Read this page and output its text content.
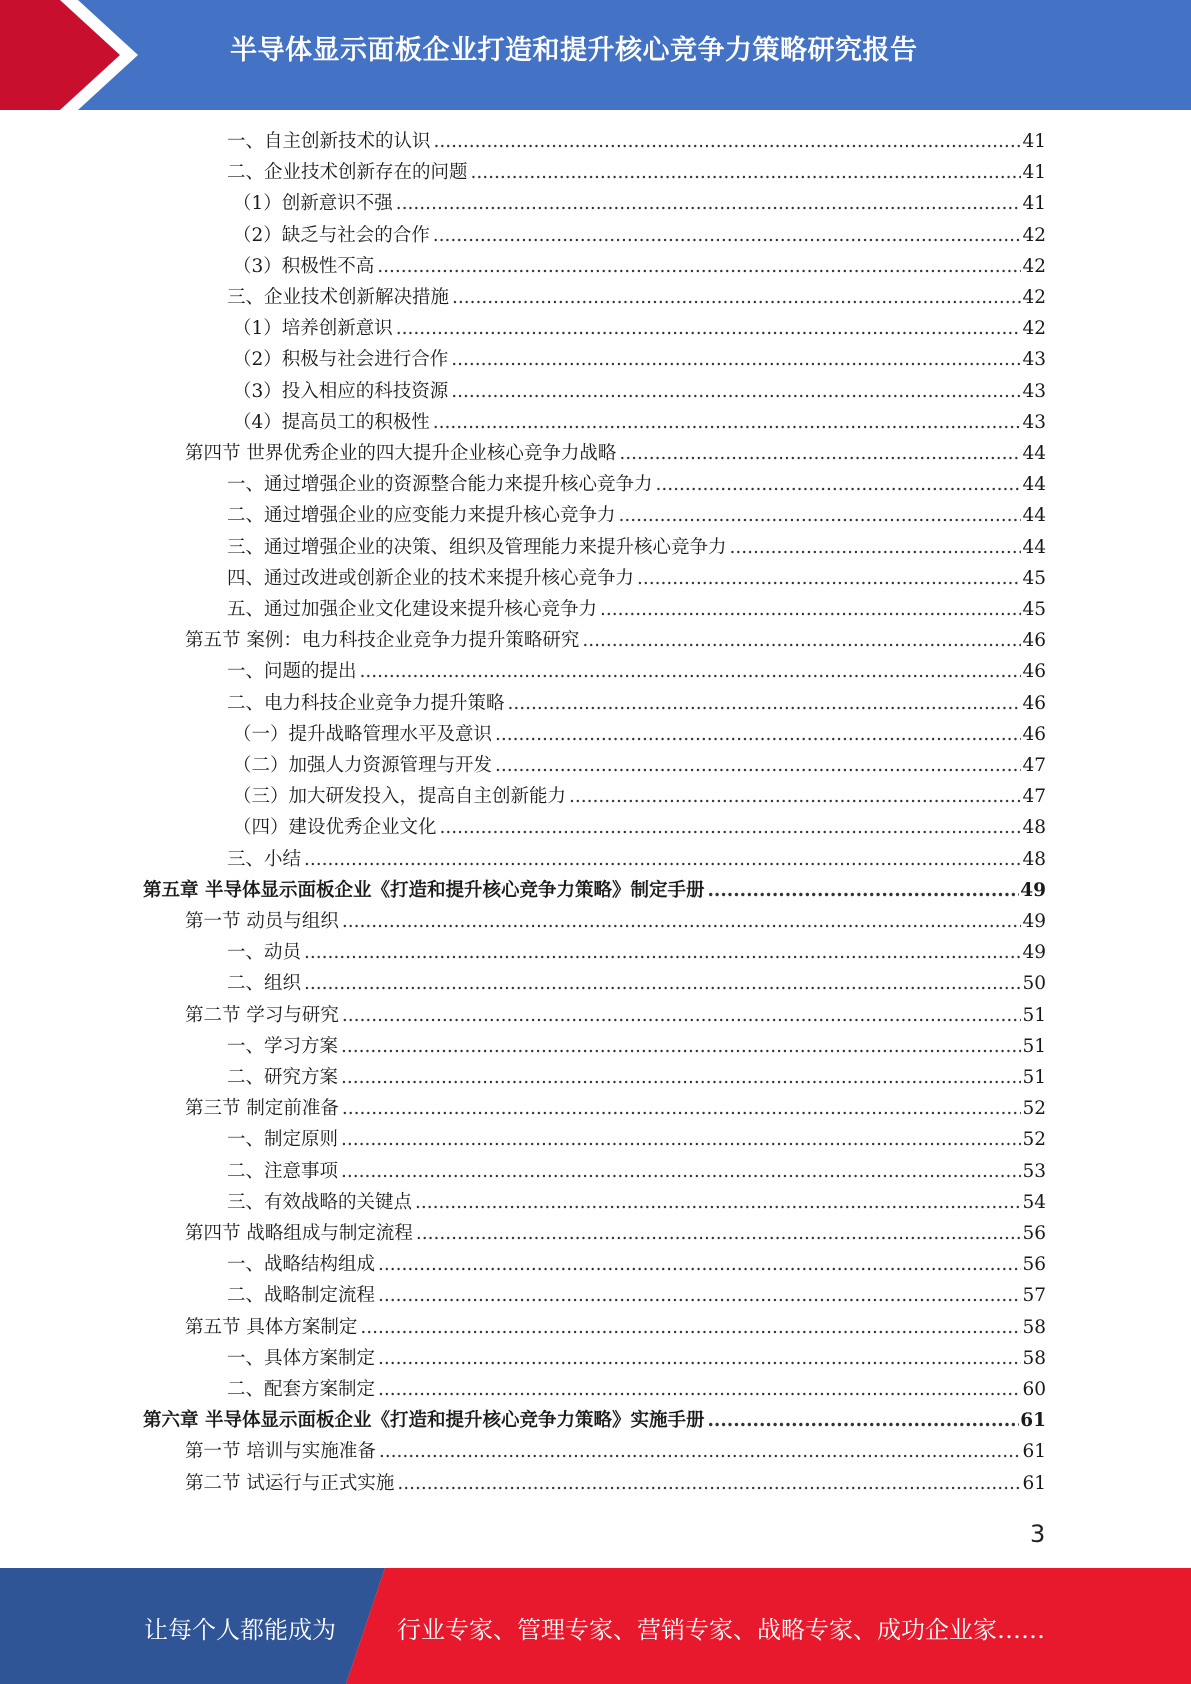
半导体显示面板企业打造和提升核心竞争力策略研究报告
一、自主创新技术的认识 .....	41
二、企业技术创新存在的问题 .....	41
（1）创新意识不强 .....	41
（2）缺乏与社会的合作 .....	42
（3）积极性不高 .....	42
三、企业技术创新解决措施 .....	42
（1）培养创新意识 .....	42
（2）积极与社会进行合作 .....	43
（3）投入相应的科技资源 .....	43
（4）提高员工的积极性 .....	43
第四节 世界优秀企业的四大提升企业核心竞争力战略 .....	44
一、通过增强企业的资源整合能力来提升核心竞争力 .....	44
二、通过增强企业的应变能力来提升核心竞争力 .....	44
三、通过增强企业的决策、组织及管理能力来提升核心竞争力 .....	44
四、通过改进或创新企业的技术来提升核心竞争力 .....	45
五、通过加强企业文化建设来提升核心竞争力 .....	45
第五节 案例：电力科技企业竞争力提升策略研究 .....	46
一、问题的提出 .....	46
二、电力科技企业竞争力提升策略 .....	46
（一）提升战略管理水平及意识 .....	46
（二）加强人力资源管理与开发 .....	47
（三）加大研发投入，提高自主创新能力 .....	47
（四）建设优秀企业文化 .....	48
三、小结 .....	48
第五章 半导体显示面板企业《打造和提升核心竞争力策略》制定手册 .....	49
第一节 动员与组织 .....	49
一、动员 .....	49
二、组织 .....	50
第二节 学习与研究 .....	51
一、学习方案 .....	51
二、研究方案 .....	51
第三节 制定前准备 .....	52
一、制定原则 .....	52
二、注意事项 .....	53
三、有效战略的关键点 .....	54
第四节 战略组成与制定流程 .....	56
一、战略结构组成 .....	56
二、战略制定流程 .....	57
第五节 具体方案制定 .....	58
一、具体方案制定 .....	58
二、配套方案制定 .....	60
第六章 半导体显示面板企业《打造和提升核心竞争力策略》实施手册 .....	61
第一节 培训与实施准备 .....	61
第二节 试运行与正式实施 .....	61
3
让每个人都能成为	行业专家、管理专家、营销专家、战略专家、成功企业家……
